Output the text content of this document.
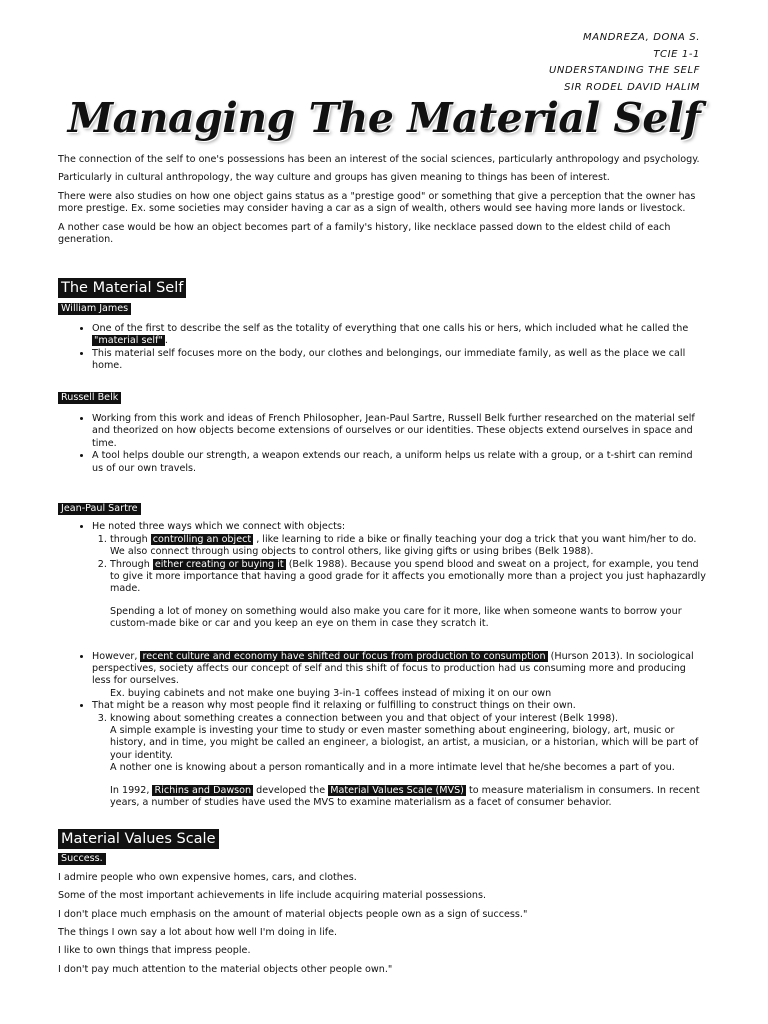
MANDREZA, DONA S.
TCIE 1-1
UNDERSTANDING THE SELF
SIR RODEL DAVID HALIM
Managing The Material Self

The connection of the self to one's possessions has been an interest of the social sciences, particularly anthropology and psychology.

Particularly in cultural anthropology, the way culture and groups has given meaning to things has been of interest.

There were also studies on how one object gains status as a "prestige good" or something that give a perception that the owner has more prestige. Ex. some societies may consider having a car as a sign of wealth, others would see having more lands or livestock.

A nother case would be how an object becomes part of a family's history, like necklace passed down to the eldest child of each generation.

The Material Self
William James
• One of the first to describe the self as the totality of everything that one calls his or hers, which included what he called the "material self" .
• This material self focuses more on the body, our clothes and belongings, our immediate family, as well as the place we call home.
Russell Belk
• Working from this work and ideas of French Philosopher, Jean-Paul Sartre, Russell Belk further researched on the material self and theorized on how objects become extensions of ourselves or our identities. These objects extend ourselves in space and time.
• A tool helps double our strength, a weapon extends our reach, a uniform helps us relate with a group, or a t-shirt can remind us of our own travels.
Jean-Paul Sartre
• He noted three ways which we connect with objects:
1. through controlling an object , like learning to ride a bike or finally teaching your dog a trick that you want him/her to do. We also connect through using objects to control others, like giving gifts or using bribes (Belk 1988).
2. Through either creating or buying it (Belk 1988). Because you spend blood and sweat on a project, for example, you tend to give it more importance that having a good grade for it affects you emotionally more than a project you just haphazardly made.
Spending a lot of money on something would also make you care for it more, like when someone wants to borrow your custom-made bike or car and you keep an eye on them in case they scratch it.
• However, recent culture and economy have shifted our focus from production to consumption (Hurson 2013). In sociological perspectives, society affects our concept of self and this shift of focus to production had us consuming more and producing less for ourselves.
Ex. buying cabinets and not make one buying 3-in-1 coffees instead of mixing it on our own
• That might be a reason why most people find it relaxing or fulfilling to construct things on their own.
3. knowing about something creates a connection between you and that object of your interest (Belk 1998).
A simple example is investing your time to study or even master something about engineering, biology, art, music or history, and in time, you might be called an engineer, a biologist, an artist, a musician, or a historian, which will be part of your identity.
A nother one is knowing about a person romantically and in a more intimate level that he/she becomes a part of you.
In 1992, Richins and Dawson developed the Material Values Scale (MVS) to measure materialism in consumers. In recent years, a number of studies have used the MVS to examine materialism as a facet of consumer behavior.
Material Values Scale
Success.

I admire people who own expensive homes, cars, and clothes.

Some of the most important achievements in life include acquiring material possessions.

I don't place much emphasis on the amount of material objects people own as a sign of success."

The things I own say a lot about how well I'm doing in life.

I like to own things that impress people.

I don't pay much attention to the material objects other people own."
